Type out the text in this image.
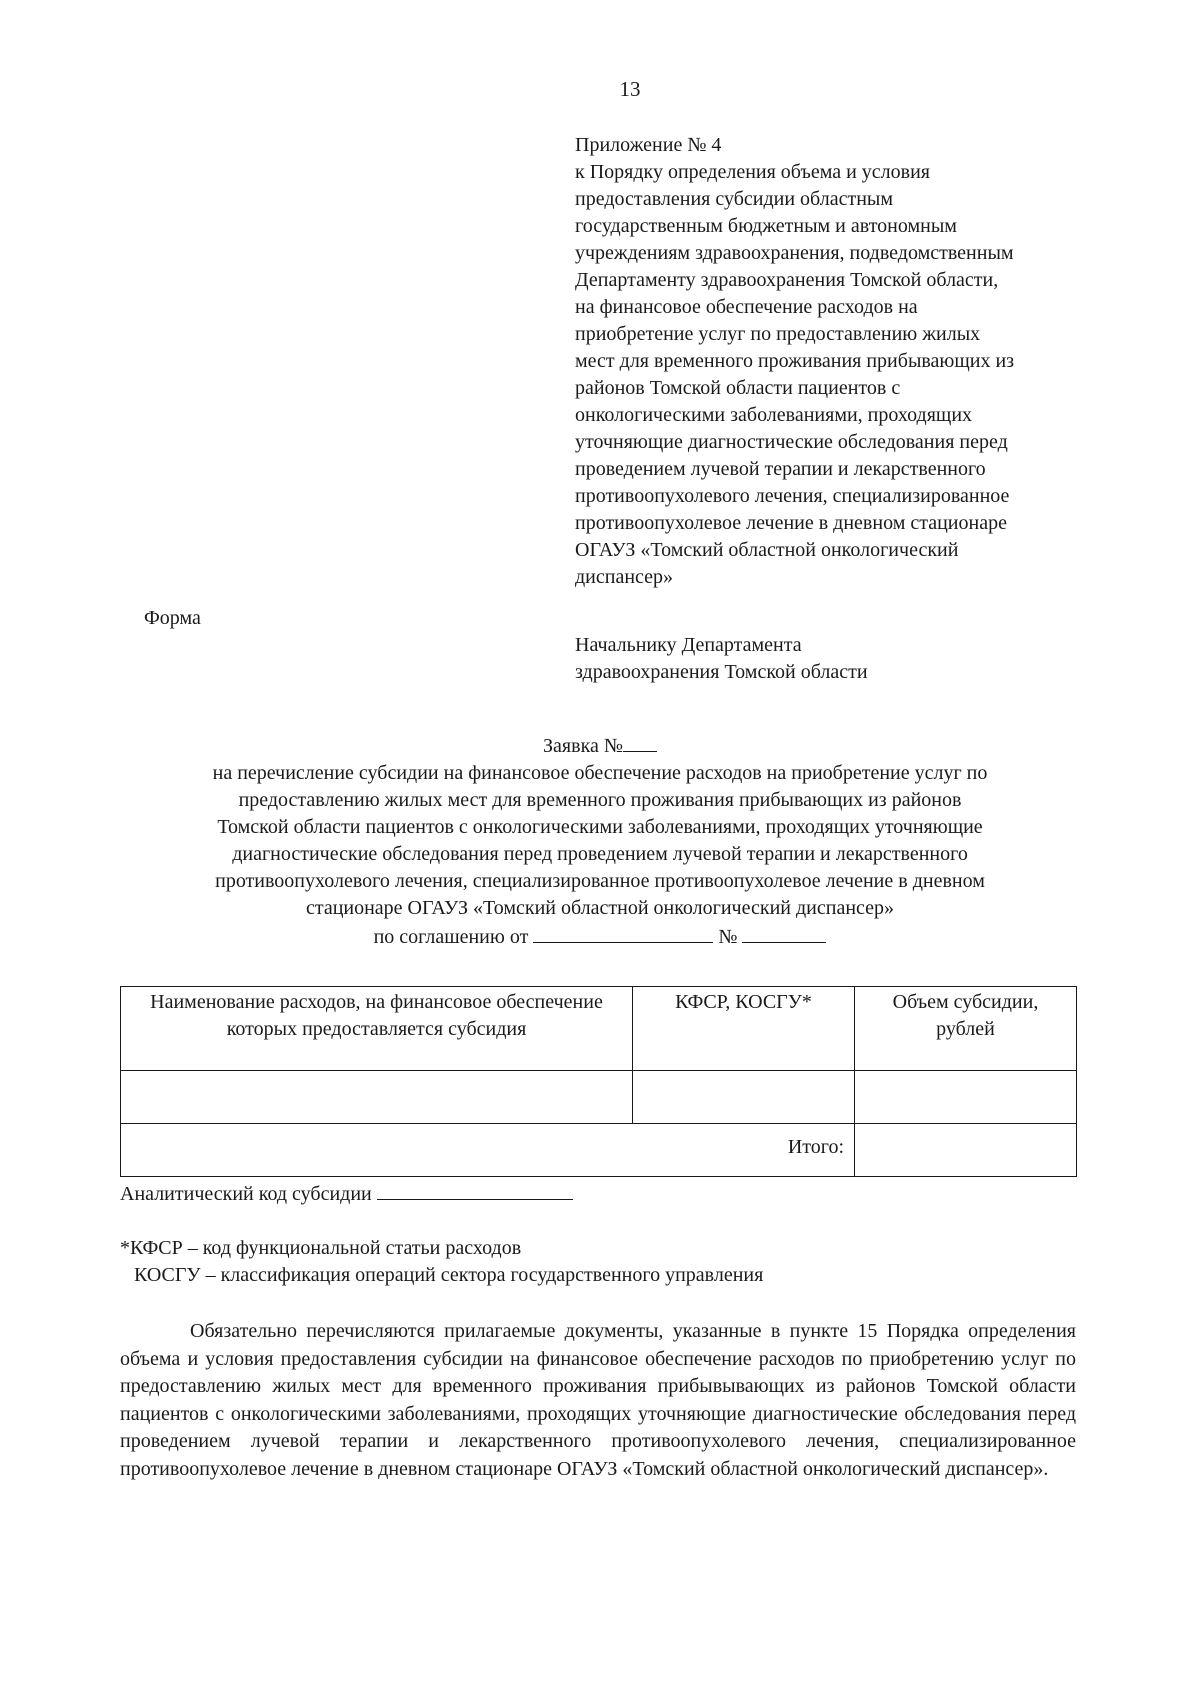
13
Приложение № 4
к Порядку определения объема и условия
предоставления субсидии областным
государственным бюджетным и автономным
учреждениям здравоохранения, подведомственным
Департаменту здравоохранения Томской области,
на финансовое обеспечение расходов на
приобретение услуг по предоставлению жилых
мест для временного проживания прибывающих из
районов Томской области пациентов с
онкологическими заболеваниями, проходящих
уточняющие диагностические обследования перед
проведением лучевой терапии и лекарственного
противоопухолевого лечения, специализированное
противоопухолевое лечение в дневном стационаре
ОГАУЗ «Томский областной онкологический
диспансер»
Форма
Начальнику Департамента
здравоохранения Томской области
Заявка №
на перечисление субсидии на финансовое обеспечение расходов на приобретение услуг по
предоставлению жилых мест для временного проживания прибывающих из районов
Томской области пациентов с онкологическими заболеваниями, проходящих уточняющие
диагностические обследования перед проведением лучевой терапии и лекарственного
противоопухолевого лечения, специализированное противоопухолевое лечение в дневном
стационаре ОГАУЗ «Томский областной онкологический диспансер»
по соглашению от	№
Наименование расходов, на финансовое обеспечение которых предоставляется субсидия	КФСР, КОСГУ*	Объем субсидии, рублей

Итого:		
Аналитический код субсидии
*КФСР – код функциональной статьи расходов
КОСГУ – классификация операций сектора государственного управления

Обязательно перечисляются прилагаемые документы, указанные в пункте 15 Порядка определения объема и условия предоставления субсидии на финансовое обеспечение расходов по приобретению услуг по предоставлению жилых мест для временного проживания прибывывающих из районов Томской области пациентов с онкологическими заболеваниями, проходящих уточняющие диагностические обследования перед проведением лучевой терапии и лекарственного противоопухолевого лечения, специализированное противоопухолевое лечение в дневном стационаре ОГАУЗ «Томский областной онкологический диспансер».
